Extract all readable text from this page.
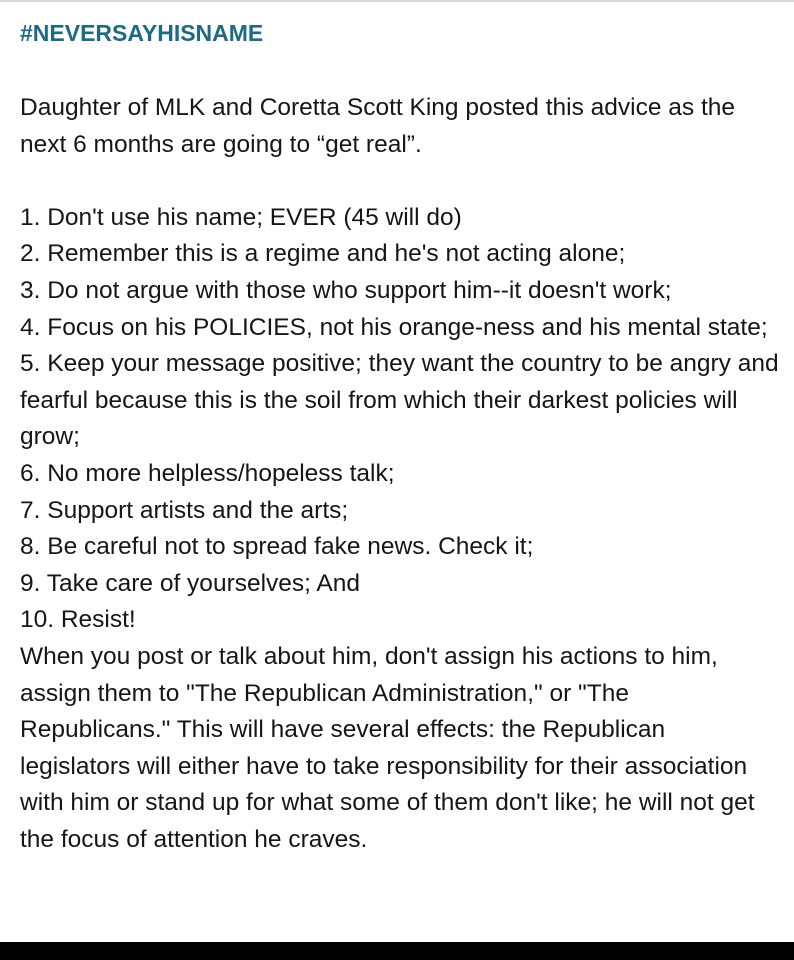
#NEVERSAYHISNAME

Daughter of MLK and Coretta Scott King posted this advice as the next 6 months are going to “get real”.

1. Don't use his name; EVER (45 will do)

2. Remember this is a regime and he's not acting alone;

3. Do not argue with those who support him--it doesn't work;

4. Focus on his POLICIES, not his orange-ness and his mental state;

5. Keep your message positive; they want the country to be angry and fearful because this is the soil from which their darkest policies will grow;

6. No more helpless/hopeless talk;

7. Support artists and the arts;

8. Be careful not to spread fake news. Check it;

9. Take care of yourselves; And

10. Resist!

When you post or talk about him, don't assign his actions to him, assign them to "The Republican Administration," or "The Republicans." This will have several effects: the Republican legislators will either have to take responsibility for their association with him or stand up for what some of them don't like; he will not get the focus of attention he craves.
